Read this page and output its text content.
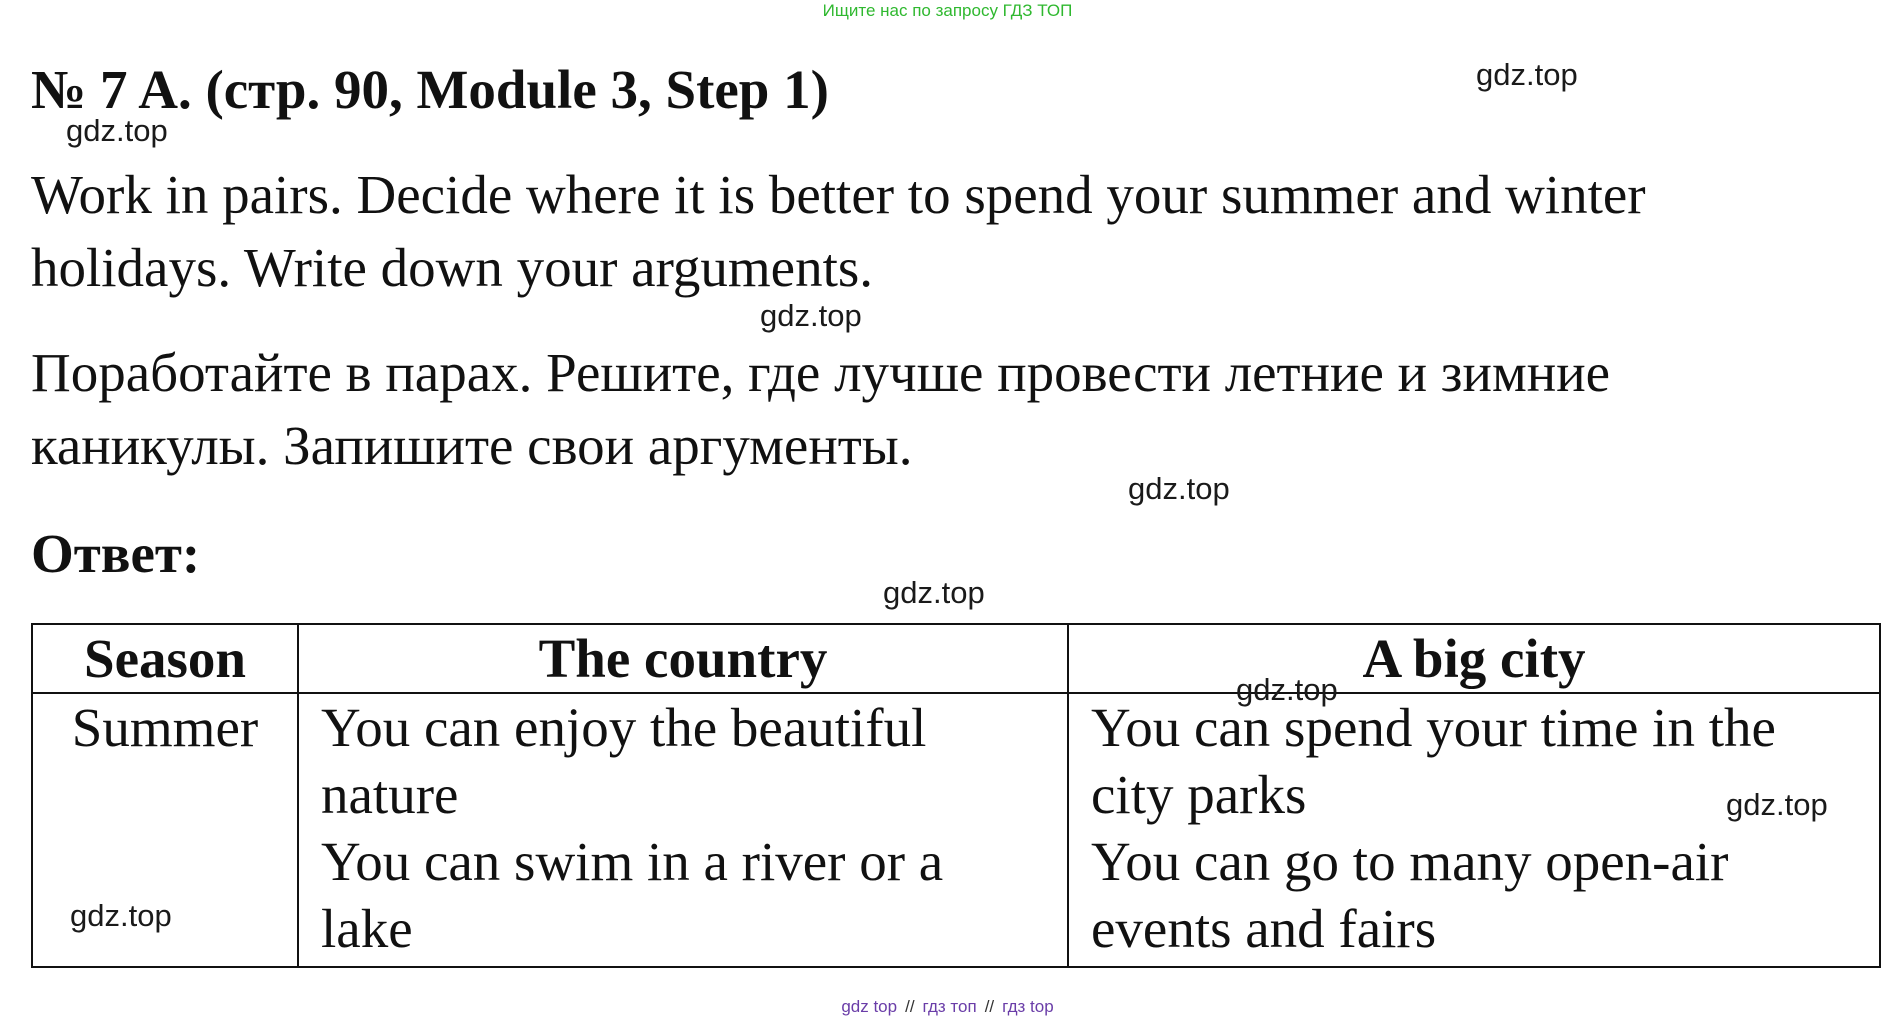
Ищите нас по запросу ГДЗ ТОП
№ 7 A. (стр. 90, Module 3, Step 1)

Work in pairs. Decide where it is better to spend your summer and winter
holidays. Write down your arguments.

Поработайте в парах. Решите, где лучше провести летние и зимние
каникулы. Запишите свои аргументы.

Ответ:
Season	The country	A big city
Summer	You can enjoy the beautiful
nature
You can swim in a river or a
lake	You can spend your time in the
city parks
You can go to many open-air
events and fairs
gdz.top
gdz.top
gdz.top
gdz.top
gdz.top
gdz.top
gdz.top
gdz.top
gdz top // гдз топ // гдз top
